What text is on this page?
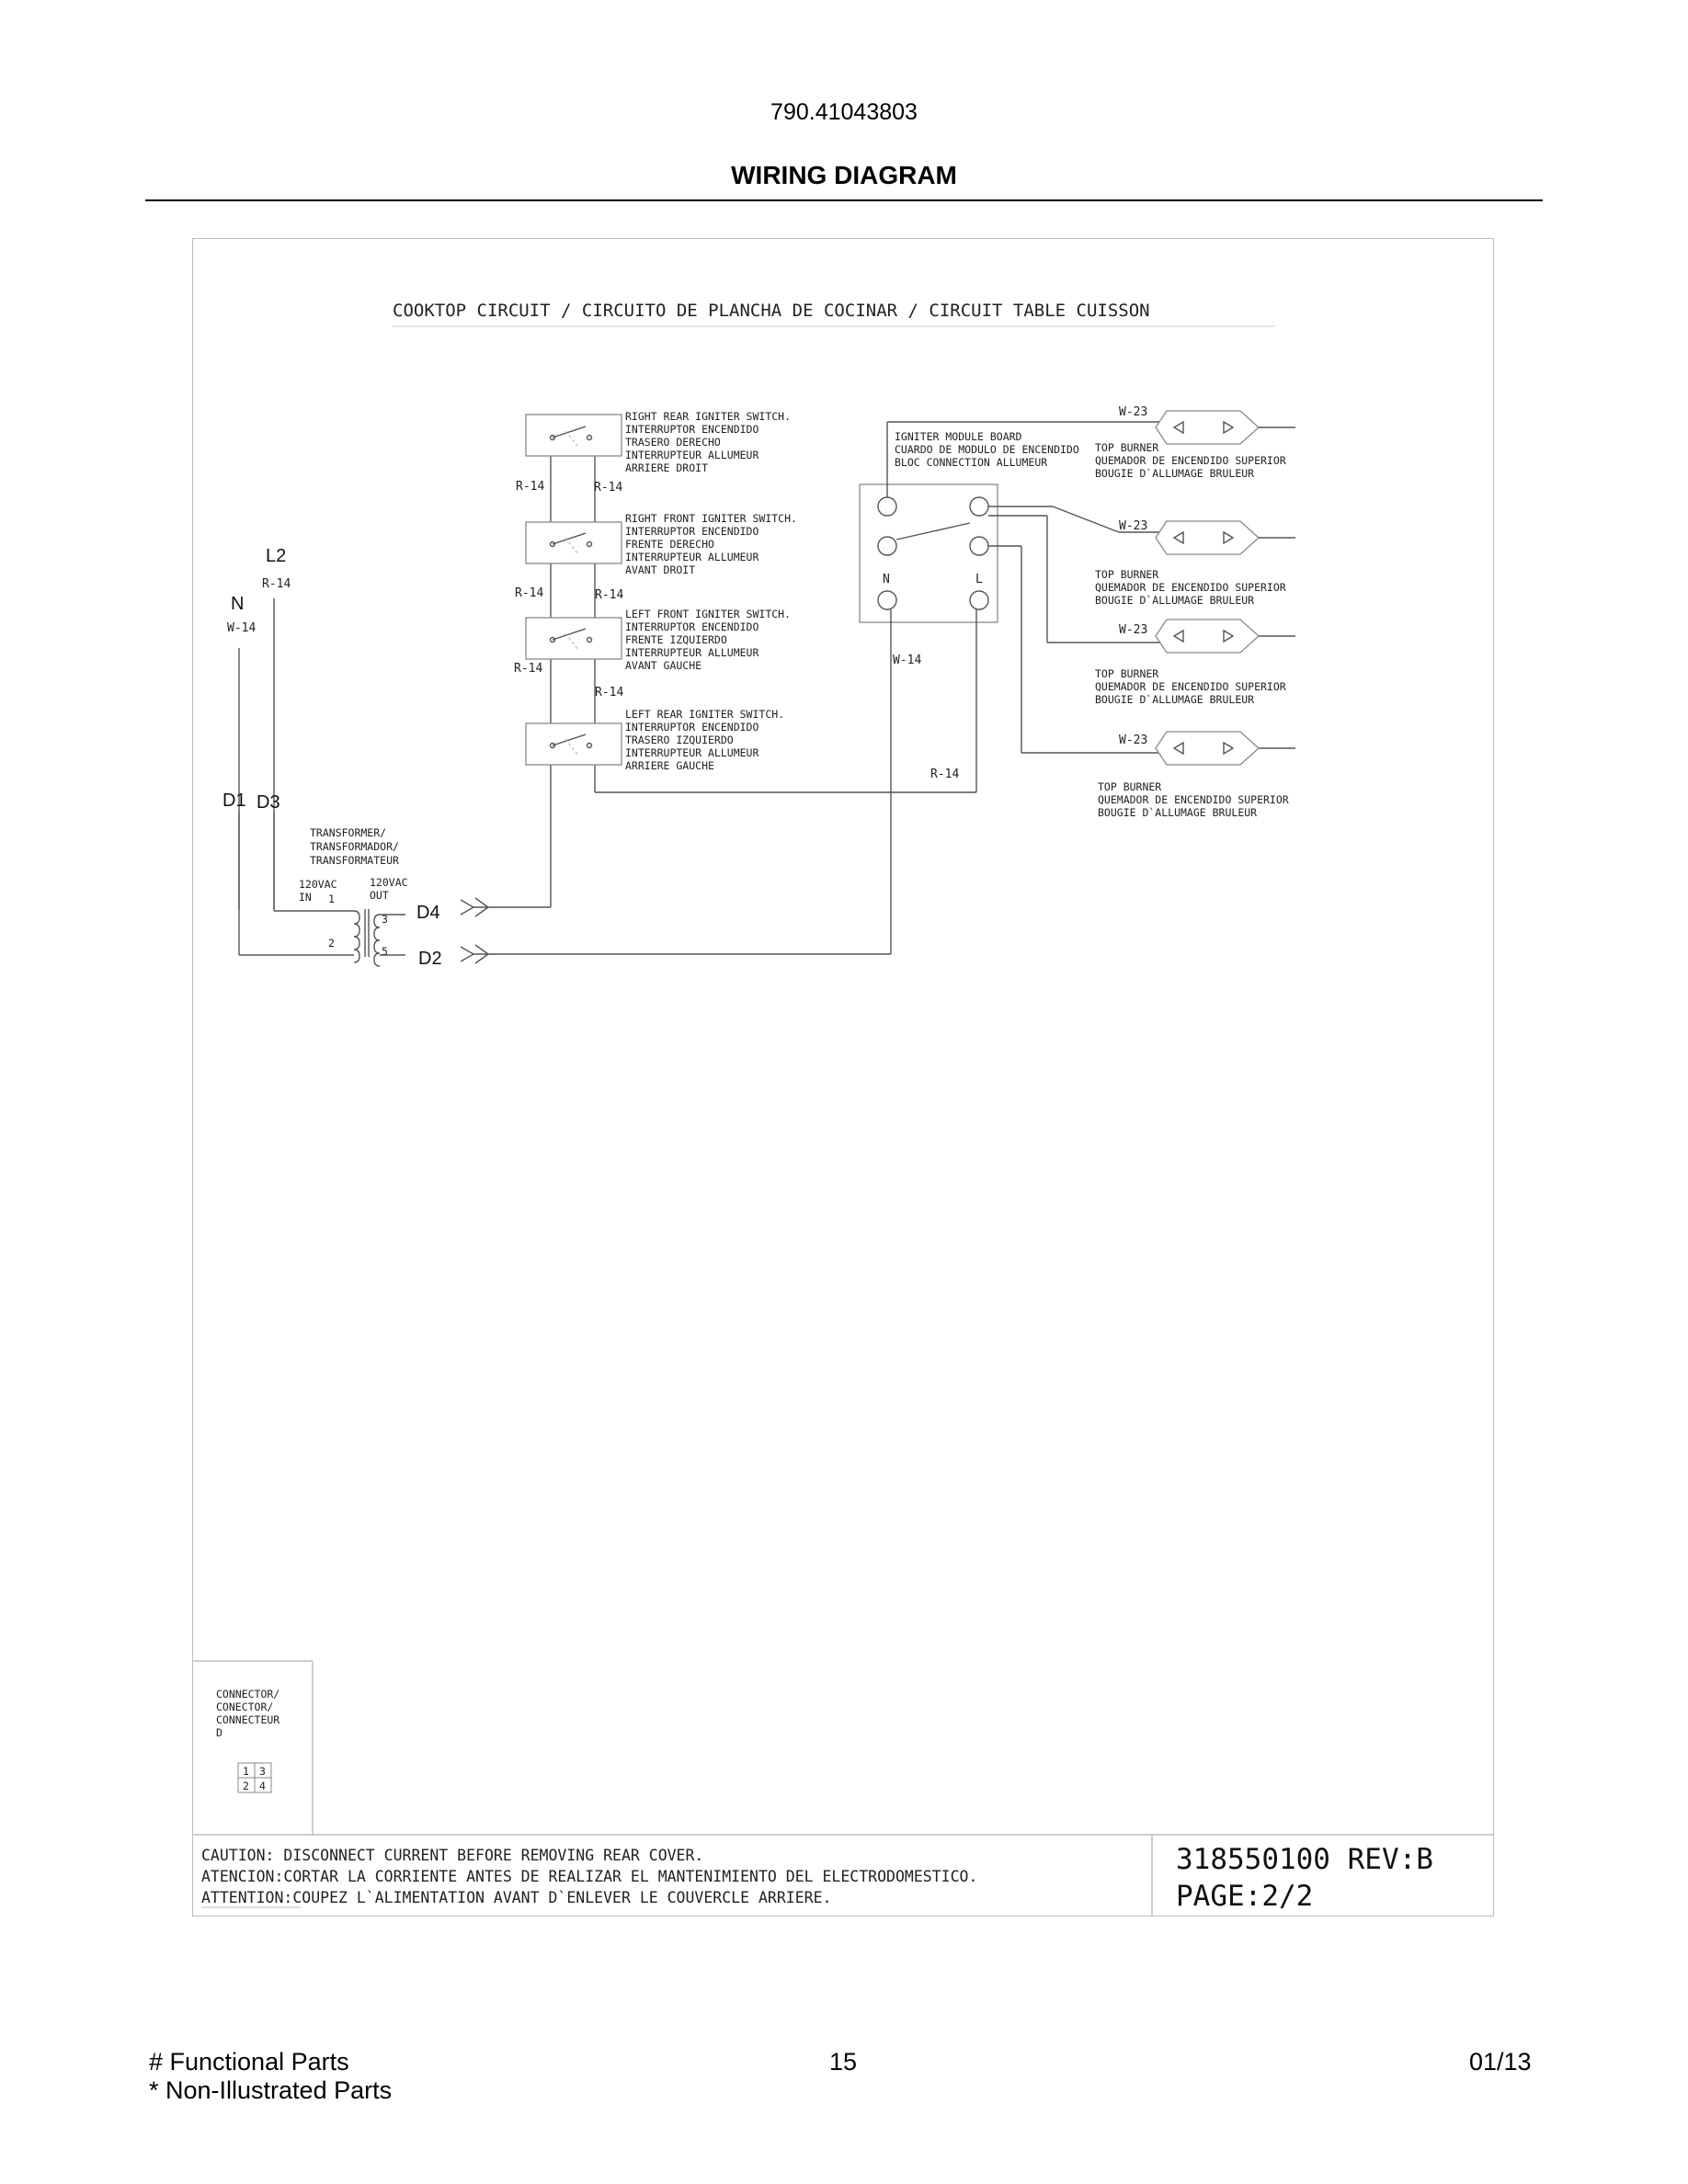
790.41043803
WIRING DIAGRAM
COOKTOP CIRCUIT / CIRCUITO DE PLANCHA DE COCINAR / CIRCUIT TABLE CUISSON
L2
R-14
N
W-14
D1 D3
TRANSFORMER/
TRANSFORMADOR/
TRANSFORMATEUR
120VAC
IN
120VAC
OUT
1
2
3
5
D4
D2
RIGHT REAR IGNITER SWITCH.
INTERRUPTOR ENCENDIDO
TRASERO DERECHO
INTERRUPTEUR ALLUMEUR
ARRIERE DROIT
R-14	R-14
RIGHT FRONT IGNITER SWITCH.
INTERRUPTOR ENCENDIDO
FRENTE DERECHO
INTERRUPTEUR ALLUMEUR
AVANT DROIT
R-14	R-14
LEFT FRONT IGNITER SWITCH.
INTERRUPTOR ENCENDIDO
FRENTE IZQUIERDO
INTERRUPTEUR ALLUMEUR
AVANT GAUCHE
R-14
R-14
LEFT REAR IGNITER SWITCH.
INTERRUPTOR ENCENDIDO
TRASERO IZQUIERDO
INTERRUPTEUR ALLUMEUR
ARRIERE GAUCHE
N	L
IGNITER MODULE BOARD
CUARDO DE MODULO DE ENCENDIDO
BLOC CONNECTION ALLUMEUR
W-14
R-14
W-23
TOP BURNER
QUEMADOR DE ENCENDIDO SUPERIOR
BOUGIE D`ALLUMAGE BRULEUR
W-23
TOP BURNER
QUEMADOR DE ENCENDIDO SUPERIOR
BOUGIE D`ALLUMAGE BRULEUR
W-23
TOP BURNER
QUEMADOR DE ENCENDIDO SUPERIOR
BOUGIE D`ALLUMAGE BRULEUR
W-23
TOP BURNER
QUEMADOR DE ENCENDIDO SUPERIOR
BOUGIE D`ALLUMAGE BRULEUR
CONNECTOR/
CONECTOR/
CONNECTEUR
D
1 3
2 4
CAUTION: DISCONNECT CURRENT BEFORE REMOVING REAR COVER.
ATENCION:CORTAR LA CORRIENTE ANTES DE REALIZAR EL MANTENIMIENTO DEL ELECTRODOMESTICO.
ATTENTION:COUPEZ L`ALIMENTATION AVANT D`ENLEVER LE COUVERCLE ARRIERE.
318550100 REV:B
PAGE:2/2
# Functional Parts
* Non-Illustrated Parts
15	01/13
